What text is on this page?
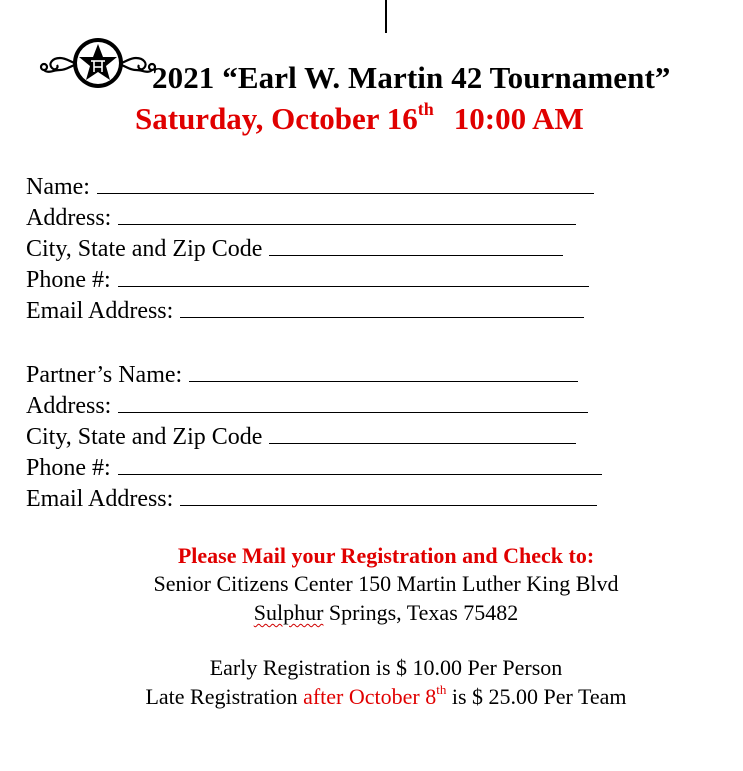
2021 “Earl W. Martin 42 Tournament”
Saturday, October 16th 10:00 AM
Name:
Address:
City, State and Zip Code
Phone #:
Email Address:
Partner’s Name:
Address:
City, State and Zip Code
Phone #:
Email Address:
Please Mail your Registration and Check to:
Senior Citizens Center 150 Martin Luther King Blvd
Sulphur Springs, Texas 75482
Early Registration is $ 10.00 Per Person
Late Registration after October 8th is $ 25.00 Per Team
